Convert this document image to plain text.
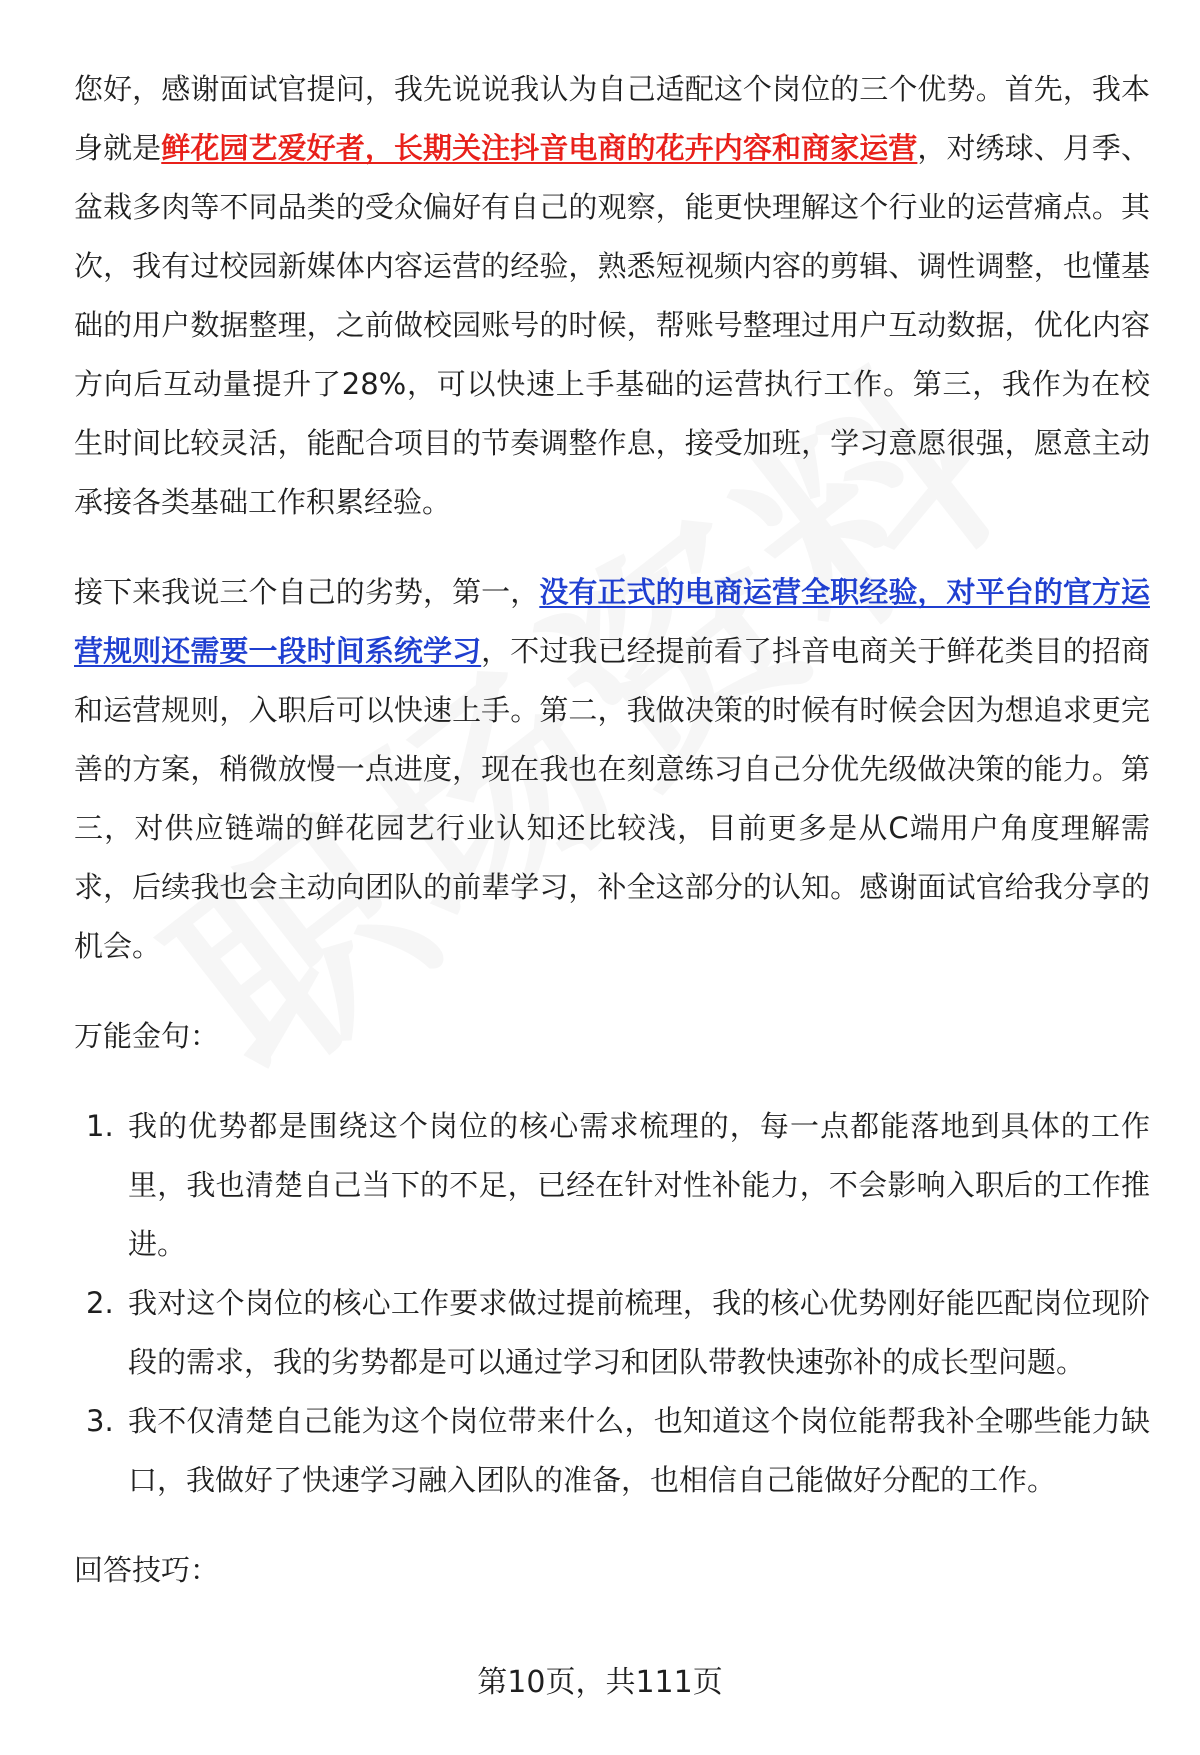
您好，感谢面试官提问，我先说说我认为自己适配这个岗位的三个优势。首先，我本身就是鲜花园艺爱好者，长期关注抖音电商的花卉内容和商家运营，对绣球、月季、盆栽多肉等不同品类的受众偏好有自己的观察，能更快理解这个行业的运营痛点。其次，我有过校园新媒体内容运营的经验，熟悉短视频内容的剪辑、调性调整，也懂基础的用户数据整理，之前做校园账号的时候，帮账号整理过用户互动数据，优化内容方向后互动量提升了28%，可以快速上手基础的运营执行工作。第三，我作为在校生时间比较灵活，能配合项目的节奏调整作息，接受加班，学习意愿很强，愿意主动承接各类基础工作积累经验。

接下来我说三个自己的劣势，第一，没有正式的电商运营全职经验，对平台的官方运营规则还需要一段时间系统学习，不过我已经提前看了抖音电商关于鲜花类目的招商和运营规则，入职后可以快速上手。第二，我做决策的时候有时候会因为想追求更完善的方案，稍微放慢一点进度，现在我也在刻意练习自己分优先级做决策的能力。第三，对供应链端的鲜花园艺行业认知还比较浅，目前更多是从C端用户角度理解需求，后续我也会主动向团队的前辈学习，补全这部分的认知。感谢面试官给我分享的机会。

万能金句：

1. 我的优势都是围绕这个岗位的核心需求梳理的，每一点都能落地到具体的工作里，我也清楚自己当下的不足，已经在针对性补能力，不会影响入职后的工作推进。
2. 我对这个岗位的核心工作要求做过提前梳理，我的核心优势刚好能匹配岗位现阶段的需求，我的劣势都是可以通过学习和团队带教快速弥补的成长型问题。
3. 我不仅清楚自己能为这个岗位带来什么，也知道这个岗位能帮我补全哪些能力缺口，我做好了快速学习融入团队的准备，也相信自己能做好分配的工作。

回答技巧：

第10页，共111页
